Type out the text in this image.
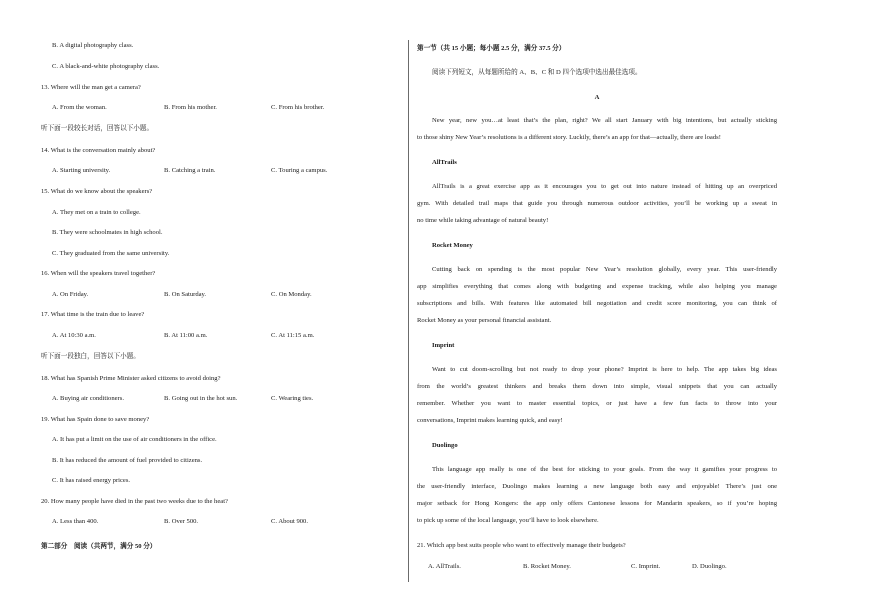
B. A digital photography class.
C. A black-and-white photography class.
13. Where will the man get a camera?
A. From the woman.	B. From his mother.	C. From his brother.
听下面一段较长对话，回答以下小题。
14. What is the conversation mainly about?
A. Starting university.	B. Catching a train.	C. Touring a campus.
15. What do we know about the speakers?
A. They met on a train to college.
B. They were schoolmates in high school.
C. They graduated from the same university.
16. When will the speakers travel together?
A. On Friday.	B. On Saturday.	C. On Monday.
17. What time is the train due to leave?
A. At 10:30 a.m.	B. At 11:00 a.m.	C. At 11:15 a.m.
听下面一段独白，回答以下小题。
18. What has Spanish Prime Minister asked citizens to avoid doing?
A. Buying air conditioners.	B. Going out in the hot sun.	C. Wearing ties.
19. What has Spain done to save money?
A. It has put a limit on the use of air conditioners in the office.
B. It has reduced the amount of fuel provided to citizens.
C. It has raised energy prices.
20. How many people have died in the past two weeks due to the heat?
A. Less than 400.	B. Over 500.	C. About 900.
第二部分　阅读（共两节，满分 50 分）
第一节（共 15 小题；每小题 2.5 分，满分 37.5 分）
阅读下列短文，从每题所给的 A、B、C 和 D 四个选项中选出最佳选项。
A
New year, new you…at least that’s the plan, right? We all start January with big intentions, but actually sticking
to those shiny New Year’s resolutions is a different story. Luckily, there’s an app for that—actually, there are loads!
AllTrails
AllTrails is a great exercise app as it encourages you to get out into nature instead of hitting up an overpriced
gym. With detailed trail maps that guide you through numerous outdoor activities, you’ll be working up a sweat in
no time while taking advantage of natural beauty!
Rocket Money
Cutting back on spending is the most popular New Year’s resolution globally, every year. This user-friendly
app simplifies everything that comes along with budgeting and expense tracking, while also helping you manage
subscriptions and bills. With features like automated bill negotiation and credit score monitoring, you can think of
Rocket Money as your personal financial assistant.
Imprint
Want to cut doom-scrolling but not ready to drop your phone? Imprint is here to help. The app takes big ideas
from the world’s greatest thinkers and breaks them down into simple, visual snippets that you can actually
remember. Whether you want to master essential topics, or just have a few fun facts to throw into your
conversations, Imprint makes learning quick, and easy!
Duolingo
This language app really is one of the best for sticking to your goals. From the way it gamifies your progress to
the user-friendly interface, Duolingo makes learning a new language both easy and enjoyable! There’s just one
major setback for Hong Kongers: the app only offers Cantonese lessons for Mandarin speakers, so if you’re hoping
to pick up some of the local language, you’ll have to look elsewhere.
21. Which app best suits people who want to effectively manage their budgets?
A. AllTrails.	B. Rocket Money.	C. Imprint.	D. Duolingo.
